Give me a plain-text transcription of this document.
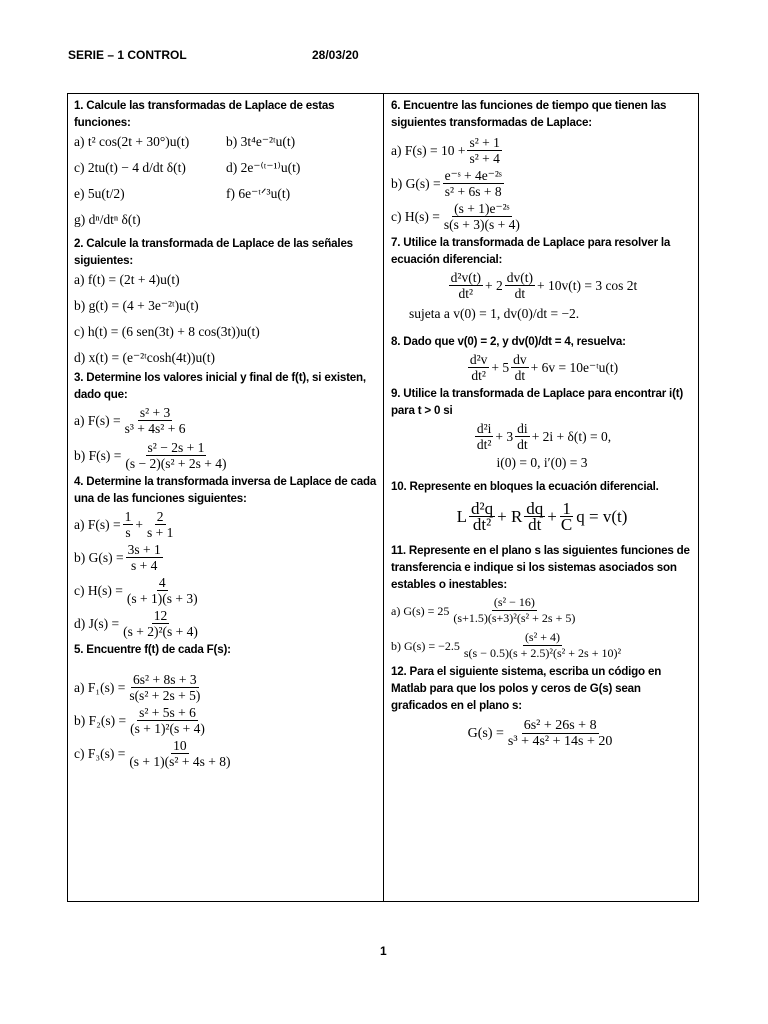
SERIE – 1 CONTROL	28/03/20
1. Calcule las transformadas de Laplace de estas funciones:
a) t² cos(2t + 30°)u(t)	b) 3t⁴e⁻²ᵗu(t)
c) 2tu(t) − 4 d/dt δ(t)	d) 2e⁻⁽ᵗ⁻¹⁾u(t)
e) 5u(t/2)	f) 6e⁻ᵗᐟ³u(t)
g) dⁿ/dtⁿ δ(t)
2. Calcule la transformada de Laplace de las señales siguientes:
a) f(t) = (2t + 4)u(t)
b) g(t) = (4 + 3e⁻²ᵗ)u(t)
c) h(t) = (6 sen(3t) + 8 cos(3t))u(t)
d) x(t) = (e⁻²ᵗcosh(4t))u(t)
3. Determine los valores inicial y final de f(t), si existen, dado que:
a) $F(s) = \frac{\text{s² + 3}}{\text{s³ + 4s² + 6}}$
b) $F(s) = \frac{\text{s² − 2s + 1}}{\text{(s − 2)(s² + 2s + 4)}}$
4. Determine la transformada inversa de Laplace de cada una de las funciones siguientes:
a) $F(s) = \frac{1}{s} + \frac{2}{s + 1}$
b) $G(s) = \frac{3s + 1}{s + 4}$
c) $H(s) = \frac{4}{(s + 1)(s + 3)}$
d) $J(s) = \frac{12}{\text{(s + 2)²(s + 4)}}$
5. Encuentre f(t) de cada F(s):
a) $F_1(s) = \frac{\text{6s² + 8s + 3}}{\text{s(s² + 2s + 5)}}$
b) $F_2(s) = \frac{\text{s² + 5s + 6}}{\text{(s + 1)²(s + 4)}}$
c) $F_3(s) = \frac{10}{\text{(s + 1)(s² + 4s + 8)}}$
6. Encuentre las funciones de tiempo que tienen las siguientes transformadas de Laplace:
a) $F(s) = 10 + \frac{\text{s² + 1}}{\text{s² + 4}}$
b) $G(s) = \frac{\text{e⁻ˢ + 4e⁻²ˢ}}{\text{s² + 6s + 8}}$
c) $H(s) = \frac{\text{(s + 1)e⁻²ˢ}}{s(s + 3)(s + 4)}$
7. Utilice la transformada de Laplace para resolver la ecuación diferencial:
d²v(t)
dt²
+ 2 dv(t)
dt
+ 10v(t) = 3 cos 2t
sujeta a v(0) = 1, dv(0)/dt = −2.
8. Dado que v(0) = 2, y dv(0)/dt = 4, resuelva:
d²v
dt²
+ 5 dv
dt
+ 6v = 10e⁻ᵗu(t)
9. Utilice la transformada de Laplace para encontrar i(t) para t > 0 si
d²i
dt²
+ 3 di
dt
+ 2i + δ(t) = 0,
i(0) = 0, i′(0) = 3
10. Represente en bloques la ecuación diferencial.
L d²q
dt² + R dq
dt + $\frac{1}{C}$ q = v(t)
11. Represente en el plano s las siguientes funciones de transferencia e indique si los sistemas asociados son estables o inestables:
a) G(s) = 25
(s² − 16)
(s+1.5)(s+3)²(s² + 2s + 5)
b) G(s) = −2.5
(s² + 4)
s(s − 0.5)(s + 2.5)²(s² + 2s + 10)²
12. Para el siguiente sistema, escriba un código en Matlab para que los polos y ceros de G(s) sean graficados en el plano s:
$G(s) = \frac{\text{6s² + 26s + 8}}{\text{s³ + 4s² + 14s + 20}}$
1
